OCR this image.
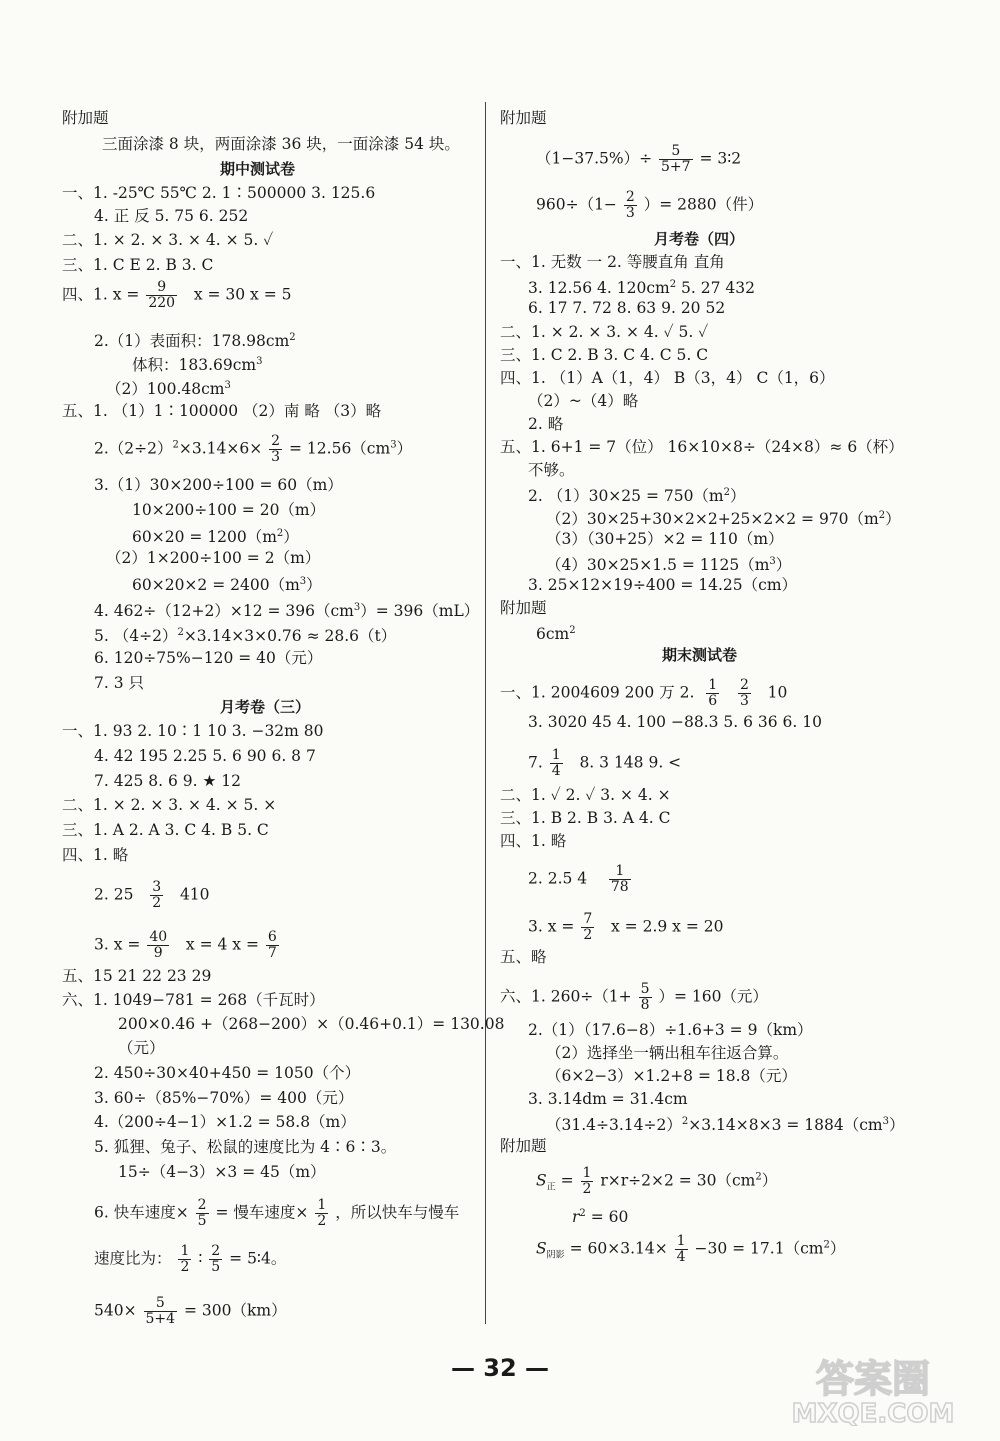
附加题
三面涂漆 8 块，两面涂漆 36 块，一面涂漆 54 块。
期中测试卷
一、1. -25℃ 55℃ 2. 1∶500000 3. 125.6
4. 正 反 5. 75 6. 252
二、1. × 2. × 3. × 4. × 5. ✓
三、1. C E 2. B 3. C
四、1. $x = \frac{9}{220}$ x = 30 x = 5
2.（1）表面积：$178.98cm^2$
体积：$183.69cm^3$
$(2)100.48cm^3$
五、1. （1）1∶100000 （2）南 略 （3）略
$2.(2\div 2)^2\times 3.14\times 6\times \frac{2}{3} = 12.56(cm^3)$
3.（1）30×200÷100 = 60（m）
10×200÷100 = 20（m）
$60\times 20 = 1200(m^2)$
（2）1×200÷100 = 2（m）
$60\times 20\times 2 = 2400(m^3)$
4. $462\div(12+2)\times 12 = 396(cm^3)= 396(mL)$
5. $(4\div 2)^2\times 3.14\times 3\times 0.76 \approx 28.6(t)$
6. 120÷75%−120 = 40（元）
7. 3 只
月考卷（三）
一、1. 93 2. 10∶1 10 3. −32m 80
4. 42 195 2.25 5. 6 90 6. 8 7
7. 425 8. 6 9. ★ 12
二、1. × 2. × 3. × 4. × 5. ×
三、1. A 2. A 3. C 4. B 5. C
四、1. 略
2. $25 \frac{3}{2} 410$
3. $x = \frac{40}{9}$ x = 4 $x = \frac{6}{7}$
五、15 21 22 23 29
六、1. 1049−781 = 268（千瓦时）
200×0.46 +（268−200）×（0.46+0.1）= 130.08
（元）
2. 450÷30×40+450 = 1050（个）
3. 60÷（85%−70%）= 400（元）
4.（200÷4−1）×1.2 = 58.8（m）
5. 狐狸、兔子、松鼠的速度比为 4∶6∶3。
15÷（4−3）×3 = 45（m）
6. 快车速度× $\frac{2}{5}$ = 慢车速度× $\frac{1}{2}$ ，所以快车与慢车
速度比为： $\frac{1}{2}$ ∶ $\frac{2}{5}$ = 5∶4。
$540\times \frac{5}{5+4} = 300(km)$
附加题
$(1-37.5\%)\div \frac{5}{5+7}$ = 3∶2
$960\div(1- \frac{2}{3}$ ）= 2880（件）
月考卷（四）
一、1. 无数 一 2. 等腰直角 直角
3. 12.56 4. $120cm^2$ 5. 27 432
6. 17 7. 72 8. 63 9. 20 52
二、1. × 2. × 3. × 4. ✓ 5. ✓
三、1. C 2. B 3. C 4. C 5. C
四、1. （1）A（1，4） B（3，4） C（1，6）
（2）~（4）略
2. 略
五、1. 6+1 = 7（位） 16×10×8÷（24×8）≈ 6（杯）
不够。
2. $(1)30\times 25 = 750(m^2)$
$(2)30\times 25+30\times 2\times 2+25\times 2\times 2 = 970(m^2)$
（3）（30+25）×2 = 110（m）
$(4)30\times 25\times 1.5 = 1125(m^3)$
3. 25×12×19÷400 = 14.25（cm）
附加题
$6cm^2$
期末测试卷
一、1. 2004609 200 万 2. $\frac{1}{6}$
$\frac{2}{3} 10$
3. 3020 45 4. 100 −88.3 5. 6 36 6. 10
7. $\frac{1}{4} 8$. 3 148 9. <
二、1. ✓ 2. ✓ 3. × 4. ×
三、1. B 2. B 3. A 4. C
四、1. 略
2. 2.5 $4 \frac{1}{78}$
3. $x = \frac{7}{2}$ x = 2.9 x = 20
五、略
六、1. $260\div(1+ \frac{5}{8}$ ）= 160（元）
2.（1）（17.6−8）÷1.6+3 = 9（km）
（2）选择坐一辆出租车往返合算。
（6×2−3）×1.2+8 = 18.8（元）
3. 3.14dm = 31.4cm
$(31.4\div 3.14\div 2)^2\times 3.14\times 8\times 3 = 1884(cm^3)$
附加题
$S_正 = \frac{1}{2} r\times r\div 2\times 2 = 30(cm^2)$
$r^2 = 60$
$S_{阴影} = 60\times 3.14\times \frac{1}{4} -30 = 17.1(cm^2)$
— 32 —	答案圈
MXQE.COM
